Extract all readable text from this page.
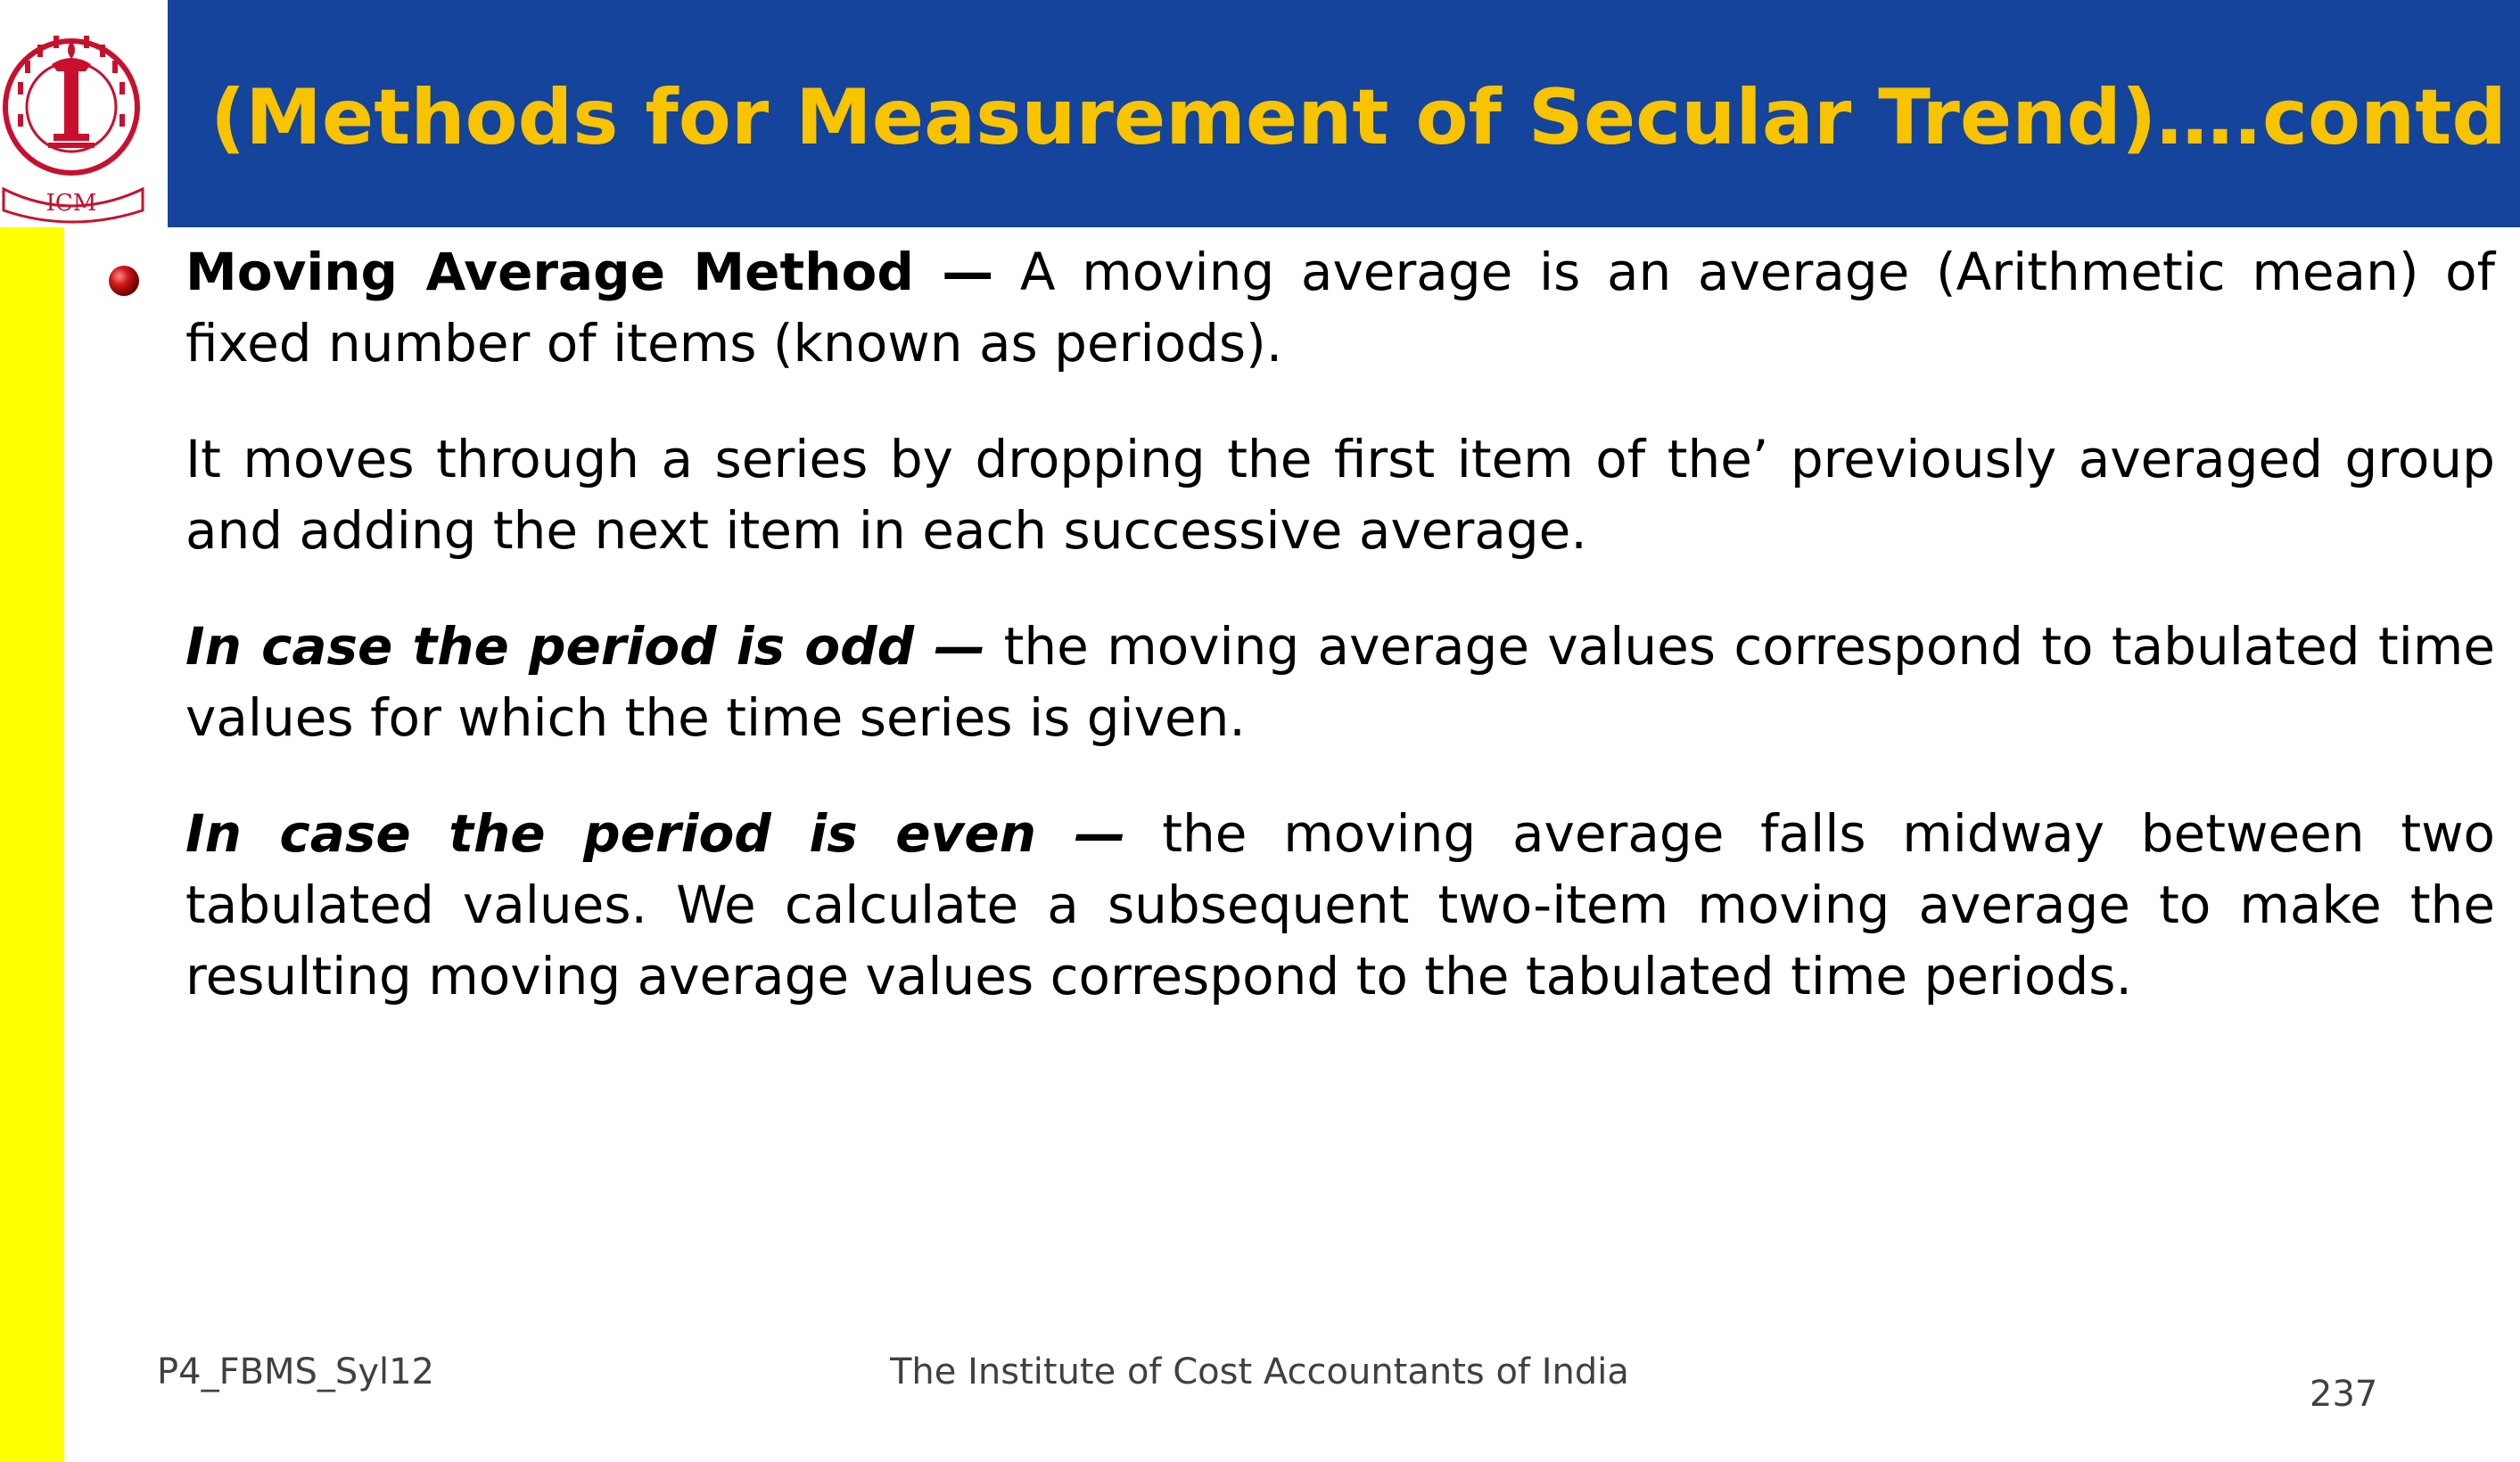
ICM
(Methods for Measurement of Secular Trend)….contd

Moving Average Method — A moving average is an average (Arithmetic mean) of fixed number of items (known as periods).

It moves through a series by dropping the first item of the’ previously averaged group and adding the next item in each successive average.

In case the period is odd — the moving average values correspond to tabulated time values for which the time series is given.

In case the period is even — the moving average falls midway between two tabulated values. We calculate a subsequent two-item moving average to make the resulting moving average values correspond to the tabulated time periods.

P4_FBMS_Syl12	The Institute of Cost Accountants of India
237
